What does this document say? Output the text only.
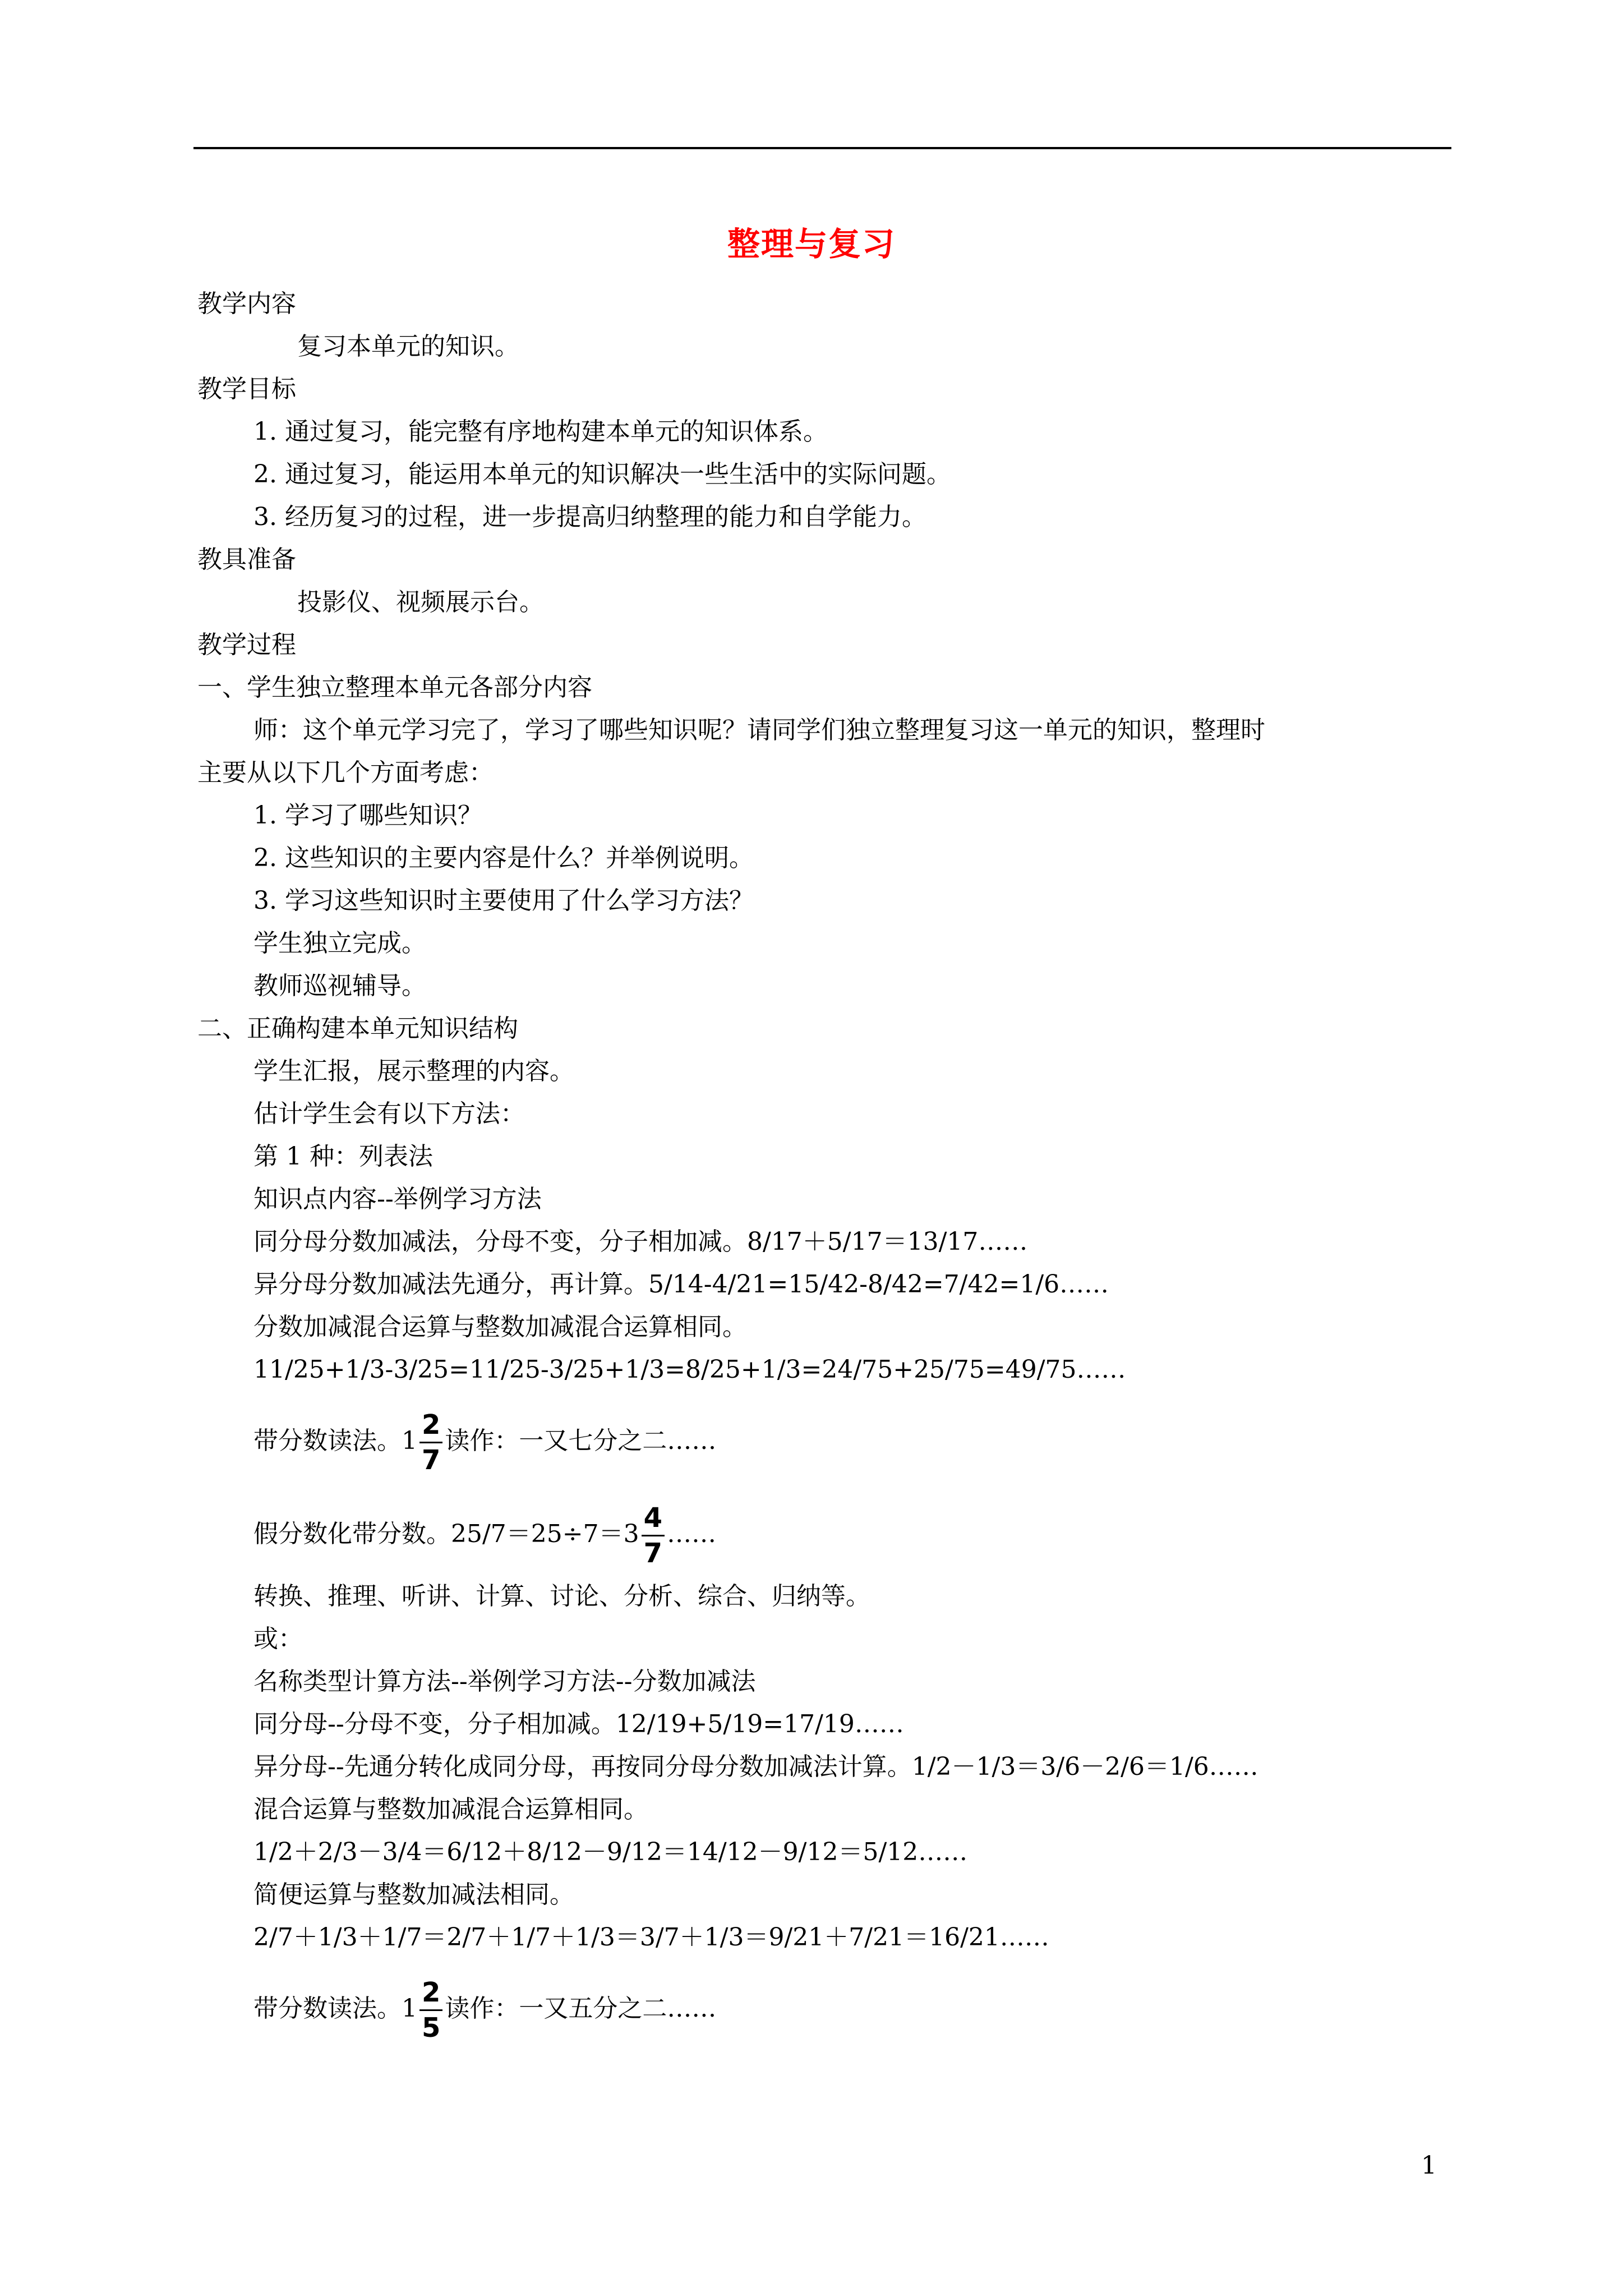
整理与复习
教学内容
复习本单元的知识。
教学目标
1. 通过复习，能完整有序地构建本单元的知识体系。
2. 通过复习，能运用本单元的知识解决一些生活中的实际问题。
3. 经历复习的过程，进一步提高归纳整理的能力和自学能力。
教具准备
投影仪、视频展示台。
教学过程
一、学生独立整理本单元各部分内容
师：这个单元学习完了，学习了哪些知识呢？请同学们独立整理复习这一单元的知识，整理时
主要从以下几个方面考虑：
1. 学习了哪些知识？
2. 这些知识的主要内容是什么？并举例说明。
3. 学习这些知识时主要使用了什么学习方法？
学生独立完成。
教师巡视辅导。
二、正确构建本单元知识结构
学生汇报，展示整理的内容。
估计学生会有以下方法：
第 1 种：列表法
知识点内容--举例学习方法
同分母分数加减法，分母不变，分子相加减。8/17＋5/17＝13/17……
异分母分数加减法先通分，再计算。5/14-4/21=15/42-8/42=7/42=1/6……
分数加减混合运算与整数加减混合运算相同。
11/25+1/3-3/25=11/25-3/25+1/3=8/25+1/3=24/75+25/75=49/75……
带分数读法。$1 \frac{2}{7}$ 读作：一又七分之二……
假分数化带分数。$25/7=25\div 7=3 \frac{4}{7}$ ……
转换、推理、听讲、计算、讨论、分析、综合、归纳等。
或：
名称类型计算方法--举例学习方法--分数加减法
同分母--分母不变，分子相加减。12/19+5/19=17/19……
异分母--先通分转化成同分母，再按同分母分数加减法计算。1/2－1/3＝3/6－2/6＝1/6……
混合运算与整数加减混合运算相同。
1/2＋2/3－3/4＝6/12＋8/12－9/12＝14/12－9/12＝5/12……
简便运算与整数加减法相同。
2/7＋1/3＋1/7＝2/7＋1/7＋1/3＝3/7＋1/3＝9/21＋7/21＝16/21……
带分数读法。$1 \frac{2}{5}$ 读作：一又五分之二……
1
